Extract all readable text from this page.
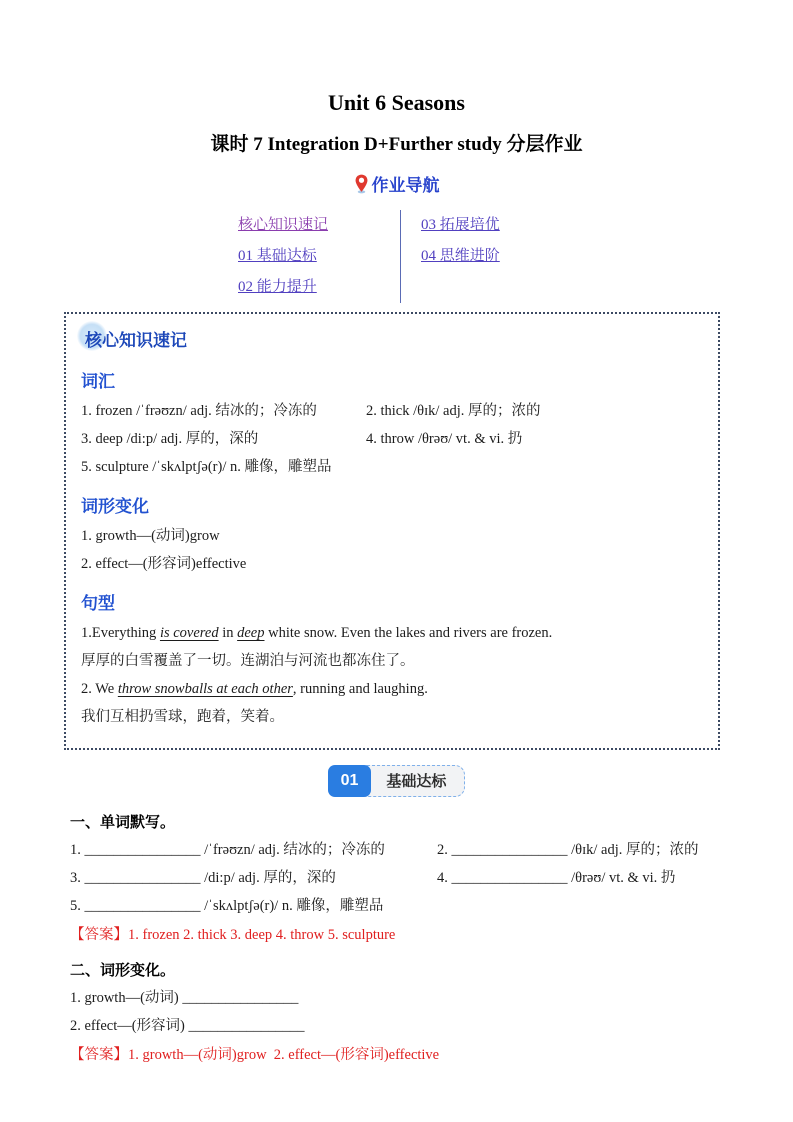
Unit 6 Seasons
课时 7 Integration D+Further study 分层作业
作业导航
核心知识速记
01 基础达标
02 能力提升
03 拓展培优
04 思维进阶
核心知识速记
词汇
1. frozen /ˈfrəʊzn/ adj. 结冰的；冷冻的	2. thick /θɪk/ adj. 厚的；浓的
3. deep /di:p/ adj. 厚的，深的	4. throw /θrəʊ/ vt. & vi. 扔
5. sculpture /ˈskʌlptʃə(r)/ n. 雕像，雕塑品
词形变化
1. growth—(动词)grow
2. effect—(形容词)effective
句型
1.Everything is covered in deep white snow. Even the lakes and rivers are frozen.
厚厚的白雪覆盖了一切。连湖泊与河流也都冻住了。
2. We throw snowballs at each other, running and laughing.
我们互相扔雪球，跑着，笑着。
01	基础达标
一、单词默写。
1. ________________ /ˈfrəʊzn/ adj. 结冰的；冷冻的	2. ________________ /θɪk/ adj. 厚的；浓的
3. ________________ /di:p/ adj. 厚的，深的	4. ________________ /θrəʊ/ vt. & vi. 扔
5. ________________ /ˈskʌlptʃə(r)/ n. 雕像，雕塑品
【答案】1. frozen 2. thick 3. deep 4. throw 5. sculpture
二、词形变化。
1. growth—(动词) ________________
2. effect—(形容词) ________________
【答案】1. growth—(动词)grow  2. effect—(形容词)effective
